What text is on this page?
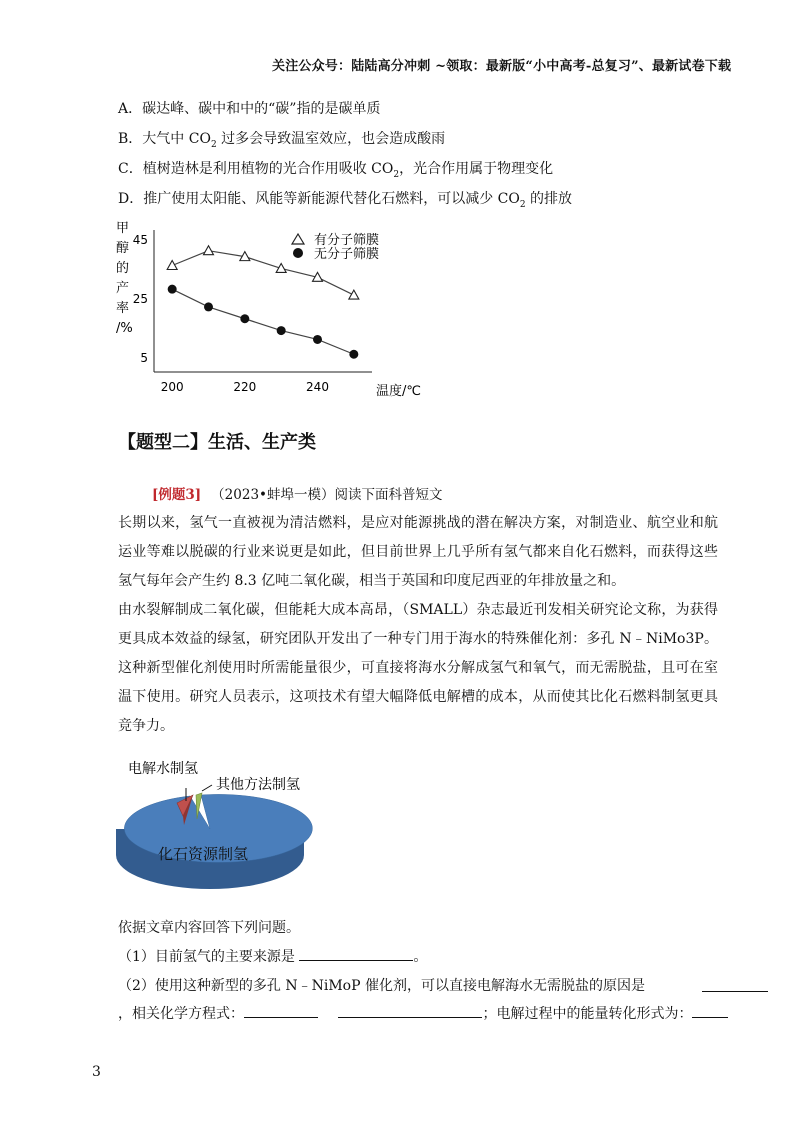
关注公众号：陆陆高分冲刺 ~领取：最新版“小中高考-总复习”、最新试卷下载
A．碳达峰、碳中和中的“碳”指的是碳单质
B．大气中 $CO_2$ 过多会导致温室效应，也会造成酸雨
C．植树造林是利用植物的光合作用吸收 $CO_2$，光合作用属于物理变化
D．推广使用太阳能、风能等新能源代替化石燃料，可以减少 $CO_2$ 的排放
甲
醇
的
产
率
/%
5
25
45
200	220	240	温度/℃
有分子筛膜
无分子筛膜
【题型二】生活、生产类
[例题3] （2023•蚌埠一模）阅读下面科普短文

长期以来，氢气一直被视为清洁燃料，是应对能源挑战的潜在解决方案，对制造业、航空业和航运业等难以脱碳的行业来说更是如此，但目前世界上几乎所有氢气都来自化石燃料，而获得这些氢气每年会产生约 8.3 亿吨二氧化碳，相当于英国和印度尼西亚的年排放量之和。

由水裂解制成二氧化碳，但能耗大成本高昂，（SMALL）杂志最近刊发相关研究论文称，为获得更具成本效益的绿氢，研究团队开发出了一种专门用于海水的特殊催化剂：多孔 N﹣NiMo3P。这种新型催化剂使用时所需能量很少，可直接将海水分解成氢气和氧气，而无需脱盐，且可在室温下使用。研究人员表示，这项技术有望大幅降低电解槽的成本，从而使其比化石燃料制氢更具竞争力。

电解水制氢
其他方法制氢
化石资源制氢
依据文章内容回答下列问题。
（1）目前氢气的主要来源是	。
（2）使用这种新型的多孔 N﹣NiMoP 催化剂，可以直接电解海水无需脱盐的原因是
，相关化学方程式：	；电解过程中的能量转化形式为：
3
